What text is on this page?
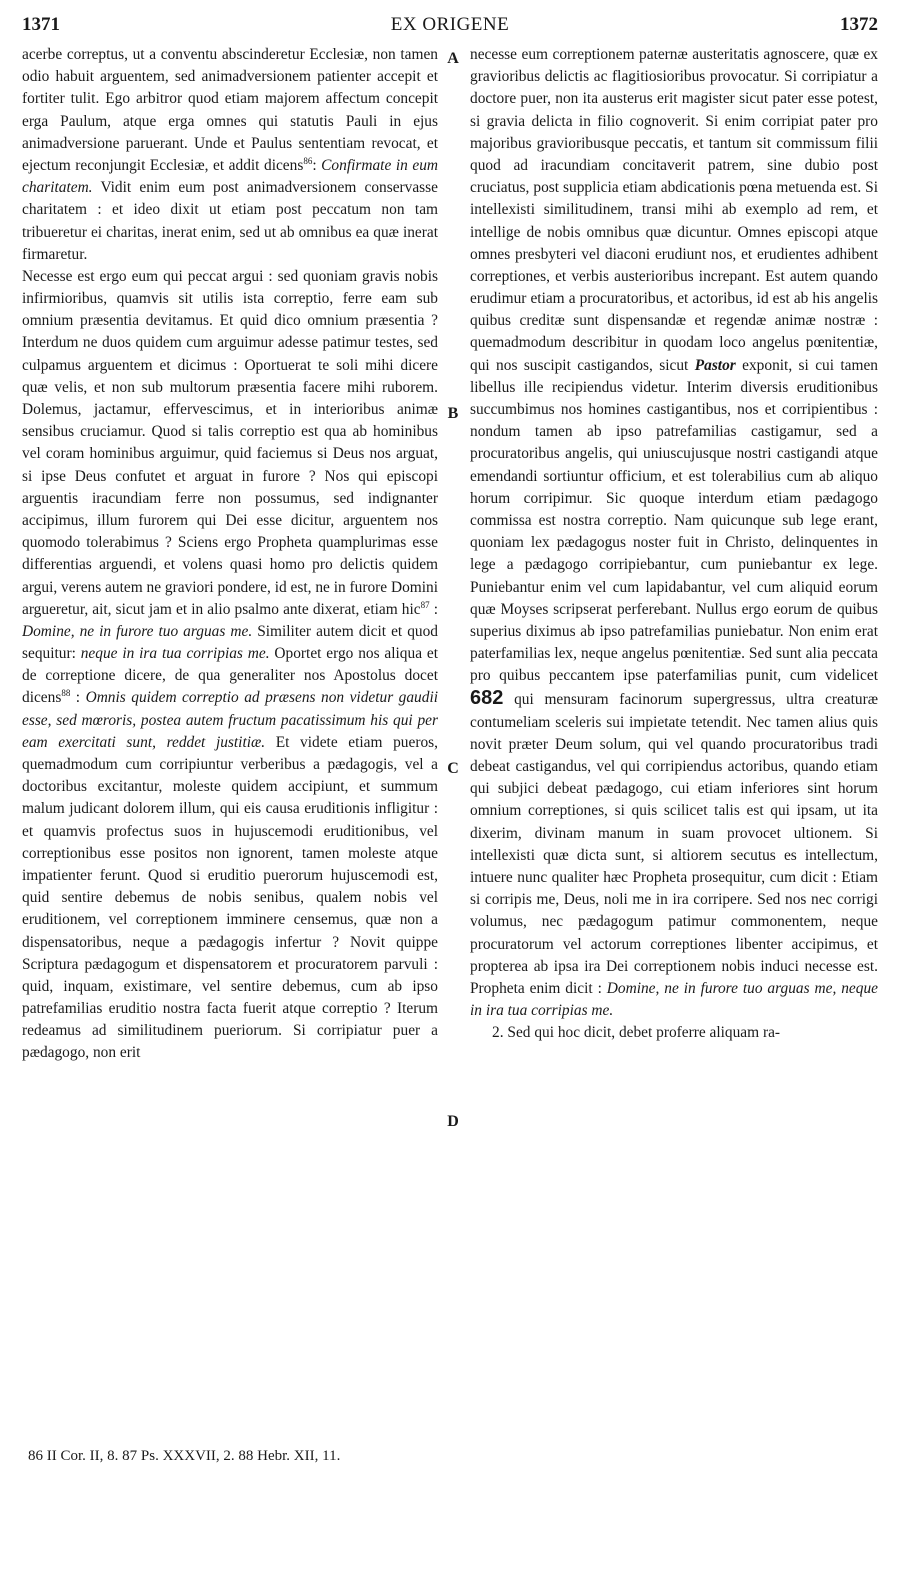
1371	EX ORIGENE	1372
A
B
C
D

acerbe correptus, ut a conventu abscinderetur Ecclesiæ, non tamen odio habuit arguentem, sed animadversionem patienter accepit et fortiter tulit. Ego arbitror quod etiam majorem affectum concepit erga Paulum, atque erga omnes qui statutis Pauli in ejus animadversione paruerant. Unde et Paulus sententiam revocat, et ejectum reconjungit Ecclesiæ, et addit dicens$^{86}$: Confirmate in eum charitatem. Vidit enim eum post animadversionem conservasse charitatem : et ideo dixit ut etiam post peccatum non tam tribueretur ei charitas, inerat enim, sed ut ab omnibus ea quæ inerat firmaretur.

Necesse est ergo eum qui peccat argui : sed quoniam gravis nobis infirmioribus, quamvis sit utilis ista correptio, ferre eam sub omnium præsentia devitamus. Et quid dico omnium præsentia ? Interdum ne duos quidem cum arguimur adesse patimur testes, sed culpamus arguentem et dicimus : Oportuerat te soli mihi dicere quæ velis, et non sub multorum præsentia facere mihi ruborem. Dolemus, jactamur, effervescimus, et in interioribus animæ sensibus cruciamur. Quod si talis correptio est qua ab hominibus vel coram hominibus arguimur, quid faciemus si Deus nos arguat, si ipse Deus confutet et arguat in furore ? Nos qui episcopi arguentis iracundiam ferre non possumus, sed indignanter accipimus, illum furorem qui Dei esse dicitur, arguentem nos quomodo tolerabimus ? Sciens ergo Propheta quamplurimas esse differentias arguendi, et volens quasi homo pro delictis quidem argui, verens autem ne graviori pondere, id est, ne in furore Domini argueretur, ait, sicut jam et in alio psalmo ante dixerat, etiam hic$^{87}$ : Domine, ne in furore tuo arguas me. Similiter autem dicit et quod sequitur: neque in ira tua corripias me. Oportet ergo nos aliqua et de correptione dicere, de qua generaliter nos Apostolus docet dicens$^{88}$ : Omnis quidem correptio ad præsens non videtur gaudii esse, sed mœroris, postea autem fructum pacatissimum his qui per eam exercitati sunt, reddet justitiæ. Et videte etiam pueros, quemadmodum cum corripiuntur verberibus a pædagogis, vel a doctoribus excitantur, moleste quidem accipiunt, et summum malum judicant dolorem illum, qui eis causa eruditionis infligitur : et quamvis profectus suos in hujuscemodi eruditionibus, vel correptionibus esse positos non ignorent, tamen moleste atque impatienter ferunt. Quod si eruditio puerorum hujuscemodi est, quid sentire debemus de nobis senibus, qualem nobis vel eruditionem, vel correptionem imminere censemus, quæ non a dispensatoribus, neque a pædagogis infertur ? Novit quippe Scriptura pædagogum et dispensatorem et procuratorem parvuli : quid, inquam, existimare, vel sentire debemus, cum ab ipso patrefamilias eruditio nostra facta fuerit atque correptio ? Iterum redeamus ad similitudinem pueriorum. Si corripiatur puer a pædagogo, non erit

necesse eum correptionem paternæ austeritatis agnoscere, quæ ex gravioribus delictis ac flagitiosioribus provocatur. Si corripiatur a doctore puer, non ita austerus erit magister sicut pater esse potest, si gravia delicta in filio cognoverit. Si enim corripiat pater pro majoribus gravioribusque peccatis, et tantum sit commissum filii quod ad iracundiam concitaverit patrem, sine dubio post cruciatus, post supplicia etiam abdicationis pœna metuenda est. Si intellexisti similitudinem, transi mihi ab exemplo ad rem, et intellige de nobis omnibus quæ dicuntur. Omnes episcopi atque omnes presbyteri vel diaconi erudiunt nos, et erudientes adhibent correptiones, et verbis austerioribus increpant. Est autem quando erudimur etiam a procuratoribus, et actoribus, id est ab his angelis quibus creditæ sunt dispensandæ et regendæ animæ nostræ : quemadmodum describitur in quodam loco angelus pœnitentiæ, qui nos suscipit castigandos, sicut Pastor exponit, si cui tamen libellus ille recipiendus videtur. Interim diversis eruditionibus succumbimus nos homines castigantibus, nos et corripientibus : nondum tamen ab ipso patrefamilias castigamur, sed a procuratoribus angelis, qui uniuscujusque nostri castigandi atque emendandi sortiuntur officium, et est tolerabilius cum ab aliquo horum corripimur. Sic quoque interdum etiam pædagogo commissa est nostra correptio. Nam quicunque sub lege erant, quoniam lex pædagogus noster fuit in Christo, delinquentes in lege a pædagogo corripiebantur, cum puniebantur ex lege. Puniebantur enim vel cum lapidabantur, vel cum aliquid eorum quæ Moyses scripserat perferebant. Nullus ergo eorum de quibus superius diximus ab ipso patrefamilias puniebatur. Non enim erat paterfamilias lex, neque angelus pœnitentiæ. Sed sunt alia peccata pro quibus peccantem ipse paterfamilias punit, cum videlicet 682 qui mensuram facinorum supergressus, ultra creaturæ contumeliam sceleris sui impietate tetendit. Nec tamen alius quis novit præter Deum solum, qui vel quando procuratoribus tradi debeat castigandus, vel qui corripiendus actoribus, quando etiam qui subjici debeat pædagogo, cui etiam inferiores sint horum omnium correptiones, si quis scilicet talis est qui ipsam, ut ita dixerim, divinam manum in suam provocet ultionem. Si intellexisti quæ dicta sunt, si altiorem secutus es intellectum, intuere nunc qualiter hæc Propheta prosequitur, cum dicit : Etiam si corripis me, Deus, noli me in ira corripere. Sed nos nec corrigi volumus, nec pædagogum patimur commonentem, neque procuratorum vel actorum correptiones libenter accipimus, et propterea ab ipsa ira Dei correptionem nobis induci necesse est. Propheta enim dicit : Domine, ne in furore tuo arguas me, neque in ira tua corripias me.

2. Sed qui hoc dicit, debet proferre aliquam ra-

86 II Cor. II, 8. 87 Ps. XXXVII, 2. 88 Hebr. XII, 11.
